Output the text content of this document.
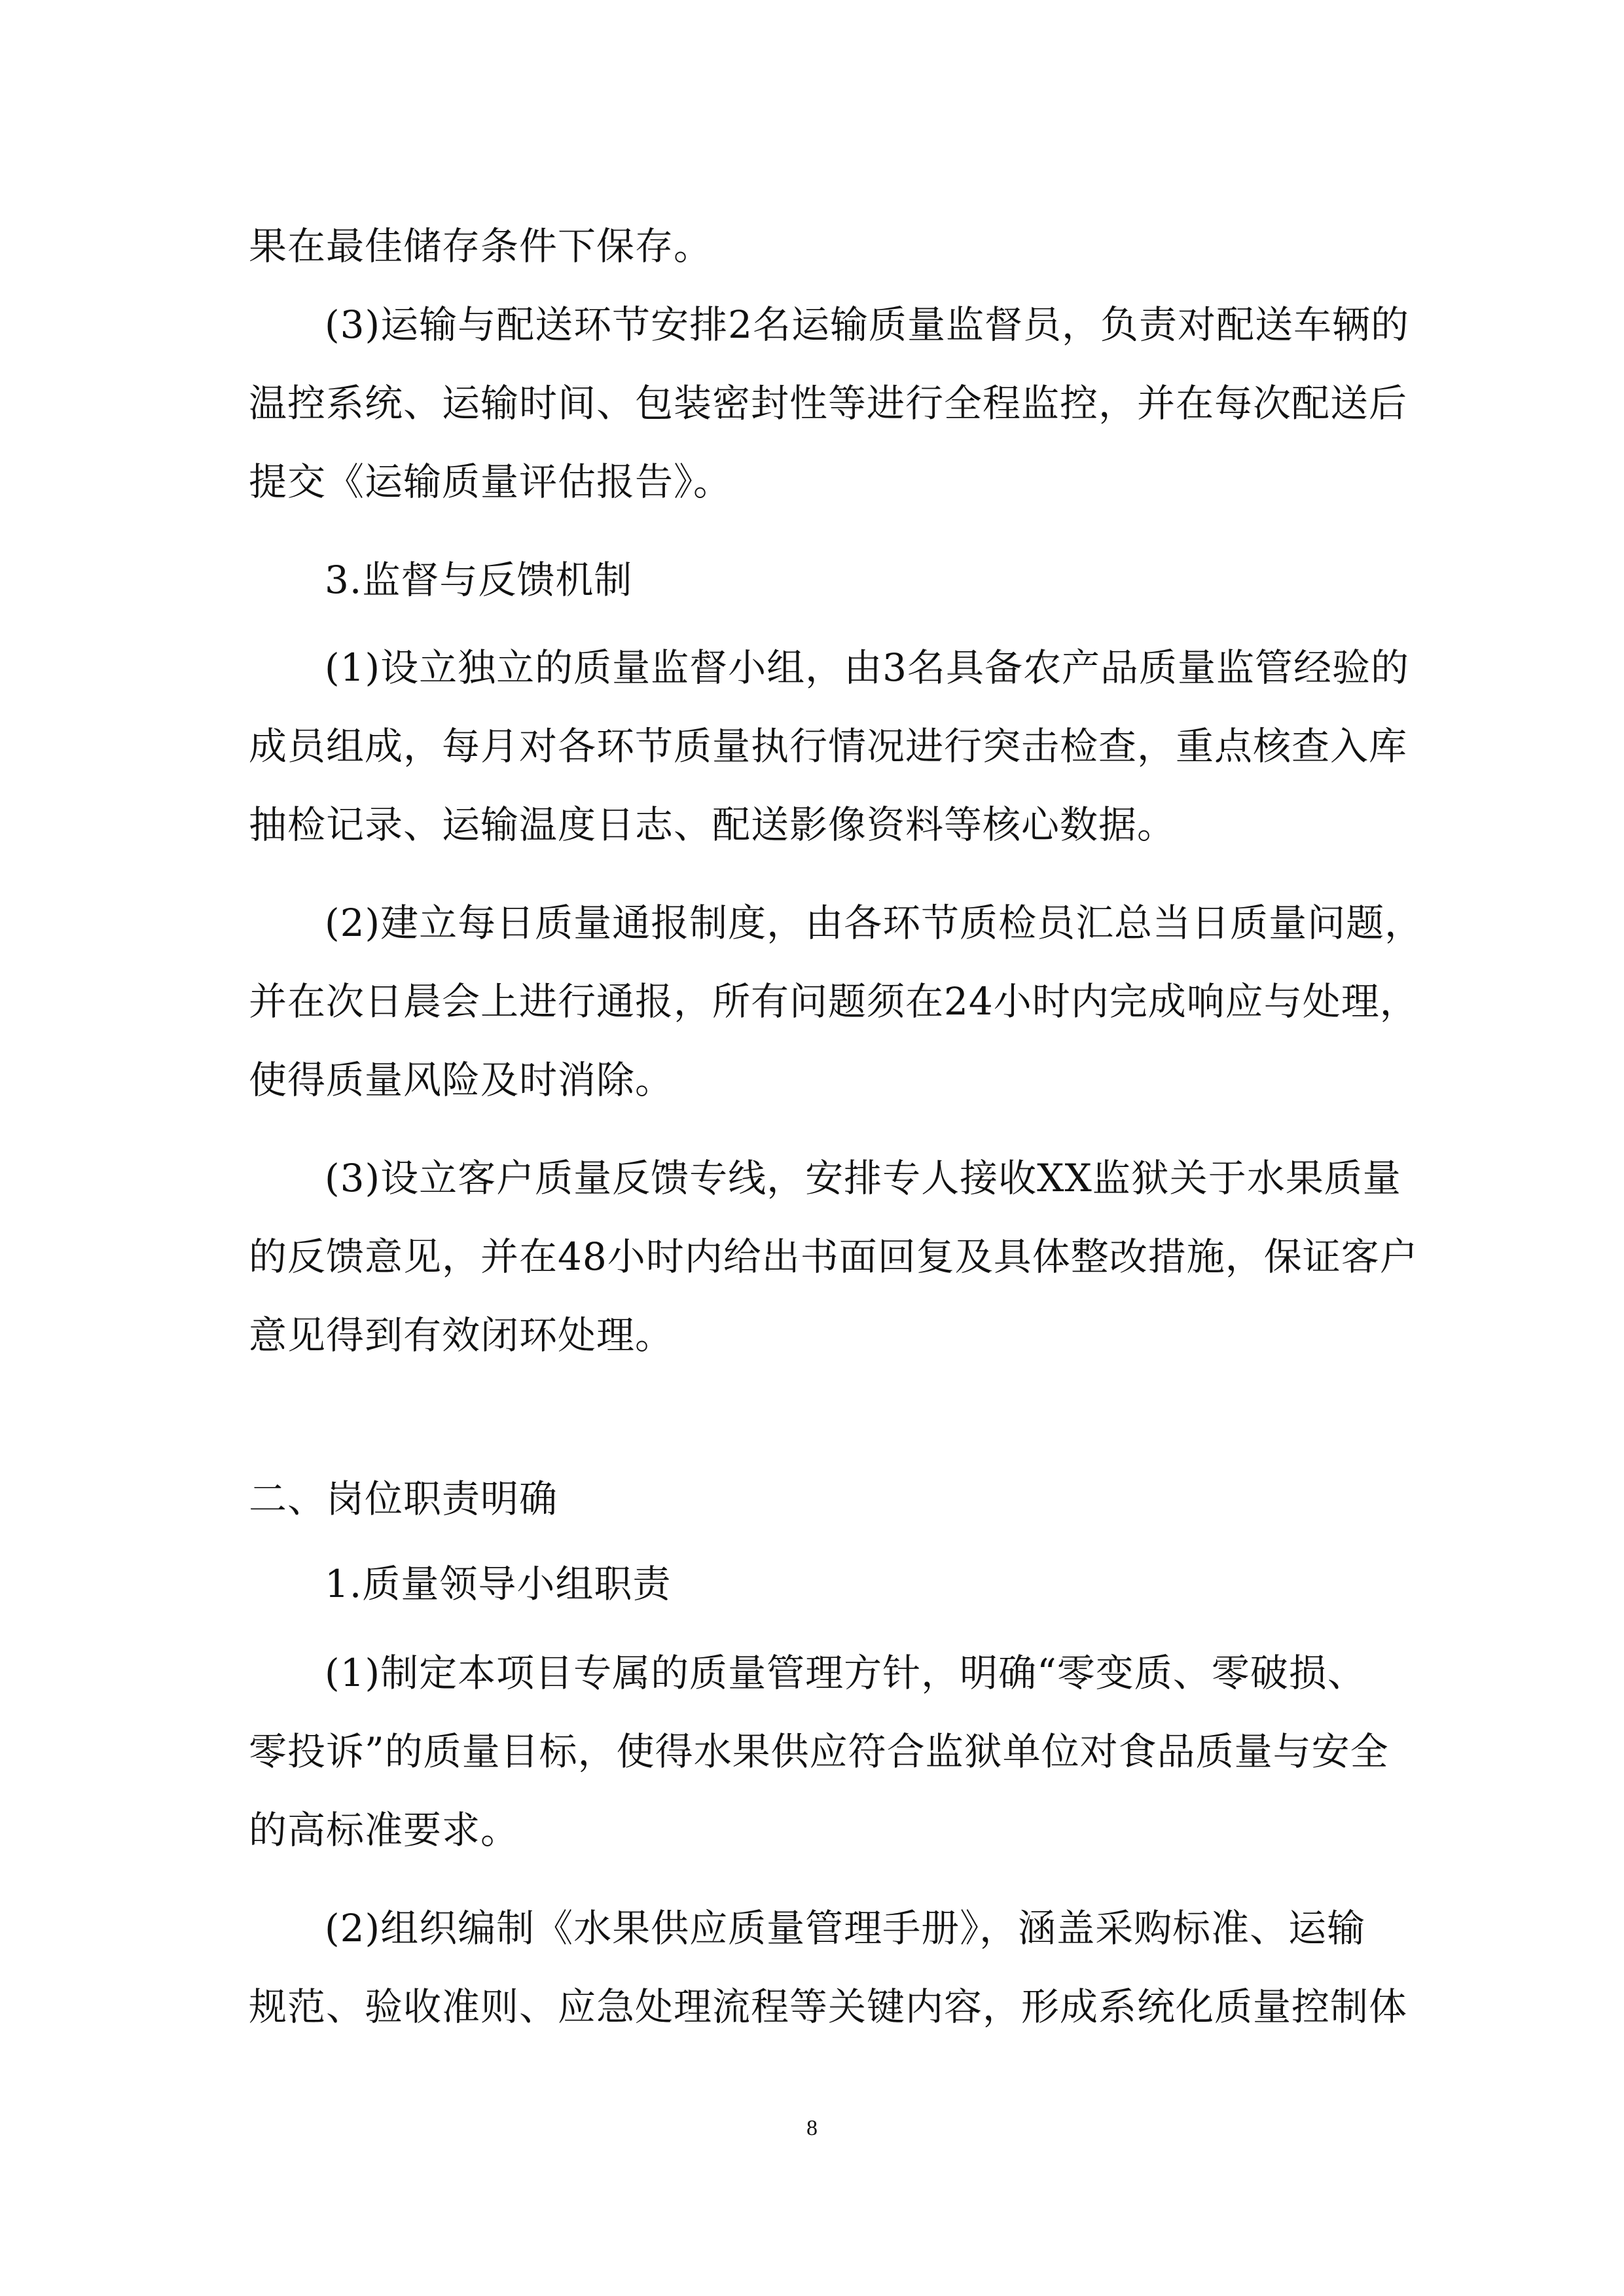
果在最佳储存条件下保存。
(3)运输与配送环节安排2名运输质量监督员，负责对配送车辆的
温控系统、运输时间、包装密封性等进行全程监控，并在每次配送后
提交《运输质量评估报告》。
3.监督与反馈机制
(1)设立独立的质量监督小组，由3名具备农产品质量监管经验的
成员组成，每月对各环节质量执行情况进行突击检查，重点核查入库
抽检记录、运输温度日志、配送影像资料等核心数据。
(2)建立每日质量通报制度，由各环节质检员汇总当日质量问题，
并在次日晨会上进行通报，所有问题须在24小时内完成响应与处理，
使得质量风险及时消除。
(3)设立客户质量反馈专线，安排专人接收XX监狱关于水果质量
的反馈意见，并在48小时内给出书面回复及具体整改措施，保证客户
意见得到有效闭环处理。
二、岗位职责明确
1.质量领导小组职责
(1)制定本项目专属的质量管理方针，明确“零变质、零破损、
零投诉”的质量目标，使得水果供应符合监狱单位对食品质量与安全
的高标准要求。
(2)组织编制《水果供应质量管理手册》，涵盖采购标准、运输
规范、验收准则、应急处理流程等关键内容，形成系统化质量控制体
8
